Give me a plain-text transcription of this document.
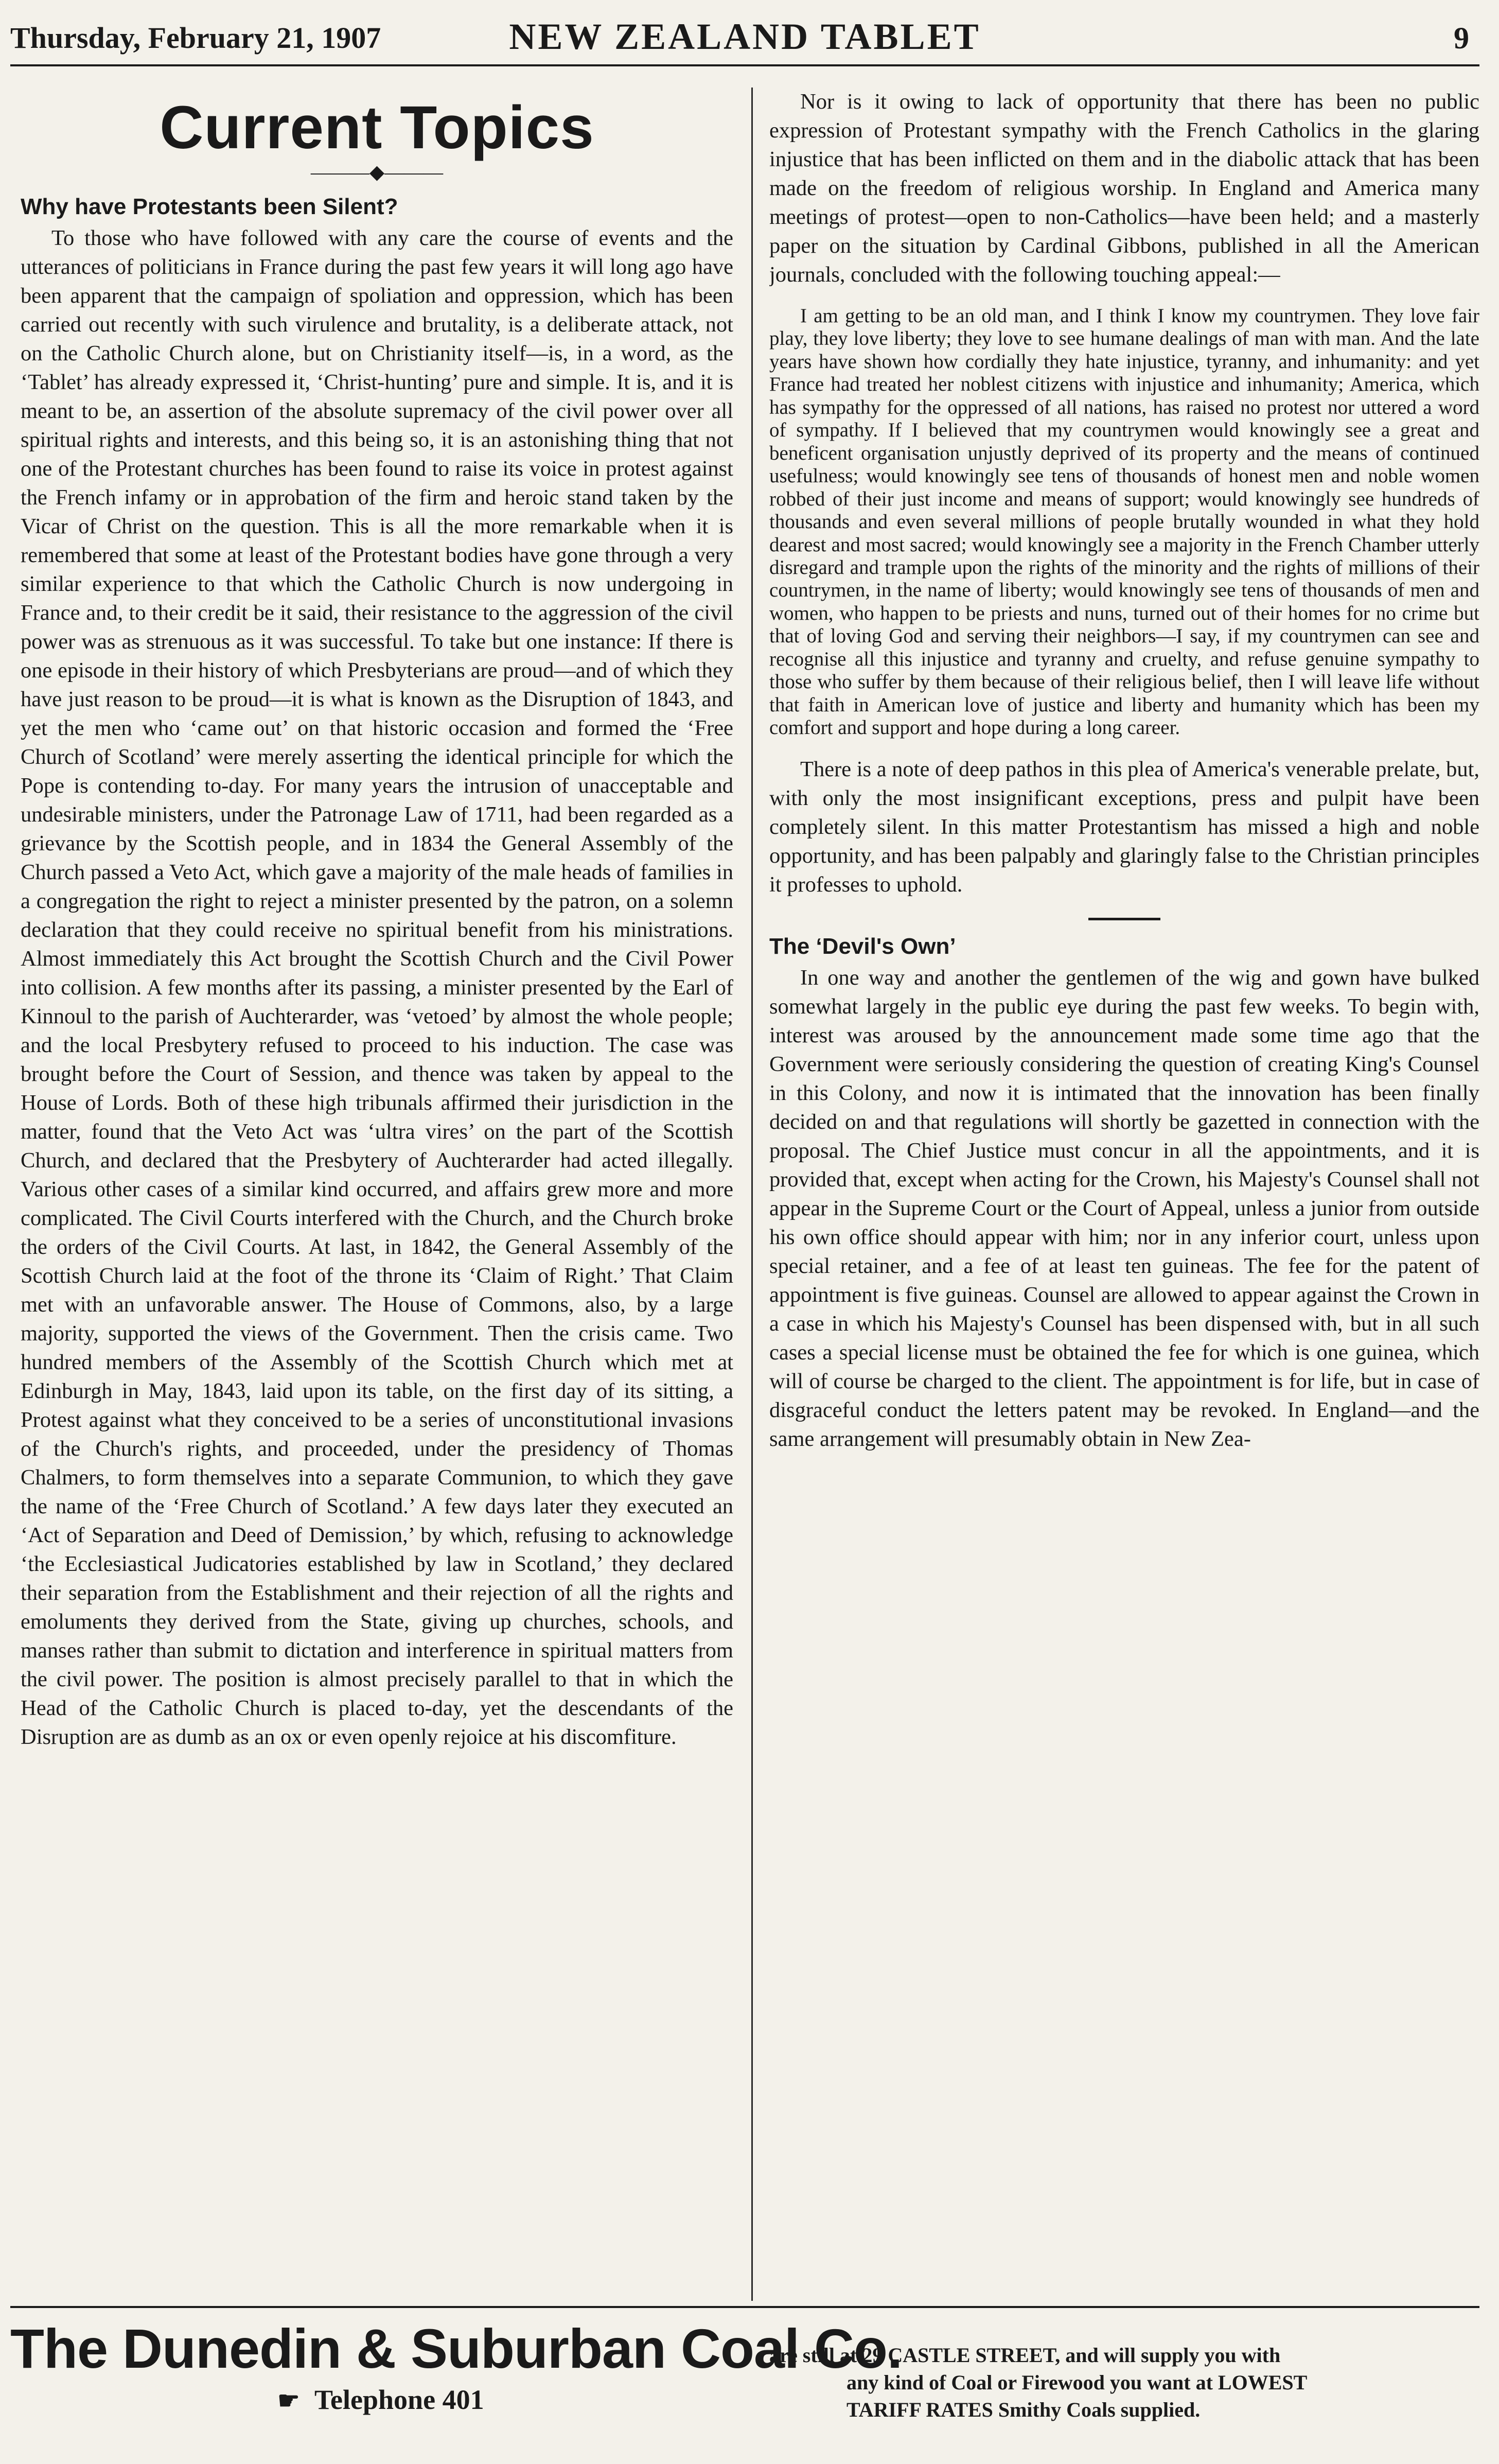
Thursday, February 21, 1907	NEW ZEALAND TABLET	9
Current Topics
———◆———
Why have Protestants been Silent?

To those who have followed with any care the course of events and the utterances of politicians in France during the past few years it will long ago have been apparent that the campaign of spoliation and oppression, which has been carried out recently with such virulence and brutality, is a deliberate attack, not on the Catholic Church alone, but on Christianity itself—is, in a word, as the ‘Tablet’ has already expressed it, ‘Christ-hunting’ pure and simple. It is, and it is meant to be, an assertion of the absolute supremacy of the civil power over all spiritual rights and interests, and this being so, it is an astonishing thing that not one of the Protestant churches has been found to raise its voice in protest against the French infamy or in approbation of the firm and heroic stand taken by the Vicar of Christ on the question. This is all the more remarkable when it is remembered that some at least of the Protestant bodies have gone through a very similar experience to that which the Catholic Church is now undergoing in France and, to their credit be it said, their resistance to the aggression of the civil power was as strenuous as it was successful. To take but one instance: If there is one episode in their history of which Presbyterians are proud—and of which they have just reason to be proud—it is what is known as the Disruption of 1843, and yet the men who ‘came out’ on that historic occasion and formed the ‘Free Church of Scotland’ were merely asserting the identical principle for which the Pope is contending to-day. For many years the intrusion of unacceptable and undesirable ministers, under the Patronage Law of 1711, had been regarded as a grievance by the Scottish people, and in 1834 the General Assembly of the Church passed a Veto Act, which gave a majority of the male heads of families in a congregation the right to reject a minister presented by the patron, on a solemn declaration that they could receive no spiritual benefit from his ministrations. Almost immediately this Act brought the Scottish Church and the Civil Power into collision. A few months after its passing, a minister presented by the Earl of Kinnoul to the parish of Auchterarder, was ‘vetoed’ by almost the whole people; and the local Presbytery refused to proceed to his induction. The case was brought before the Court of Session, and thence was taken by appeal to the House of Lords. Both of these high tribunals affirmed their jurisdiction in the matter, found that the Veto Act was ‘ultra vires’ on the part of the Scottish Church, and declared that the Presbytery of Auchterarder had acted illegally. Various other cases of a similar kind occurred, and affairs grew more and more complicated. The Civil Courts interfered with the Church, and the Church broke the orders of the Civil Courts. At last, in 1842, the General Assembly of the Scottish Church laid at the foot of the throne its ‘Claim of Right.’ That Claim met with an unfavorable answer. The House of Commons, also, by a large majority, supported the views of the Government. Then the crisis came. Two hundred members of the Assembly of the Scottish Church which met at Edinburgh in May, 1843, laid upon its table, on the first day of its sitting, a Protest against what they conceived to be a series of unconstitutional invasions of the Church's rights, and proceeded, under the presidency of Thomas Chalmers, to form themselves into a separate Communion, to which they gave the name of the ‘Free Church of Scotland.’ A few days later they executed an ‘Act of Separation and Deed of Demission,’ by which, refusing to acknowledge ‘the Ecclesiastical Judicatories established by law in Scotland,’ they declared their separation from the Establishment and their rejection of all the rights and emoluments they derived from the State, giving up churches, schools, and manses rather than submit to dictation and interference in spiritual matters from the civil power. The position is almost precisely parallel to that in which the Head of the Catholic Church is placed to-day, yet the descendants of the Disruption are as dumb as an ox or even openly rejoice at his discomfiture.

Nor is it owing to lack of opportunity that there has been no public expression of Protestant sympathy with the French Catholics in the glaring injustice that has been inflicted on them and in the diabolic attack that has been made on the freedom of religious worship. In England and America many meetings of protest—open to non-Catholics—have been held; and a masterly paper on the situation by Cardinal Gibbons, published in all the American journals, concluded with the following touching appeal:—

I am getting to be an old man, and I think I know my countrymen. They love fair play, they love liberty; they love to see humane dealings of man with man. And the late years have shown how cordially they hate injustice, tyranny, and inhumanity: and yet France had treated her noblest citizens with injustice and inhumanity; America, which has sympathy for the oppressed of all nations, has raised no protest nor uttered a word of sympathy. If I believed that my countrymen would knowingly see a great and beneficent organisation unjustly deprived of its property and the means of continued usefulness; would knowingly see tens of thousands of honest men and noble women robbed of their just income and means of support; would knowingly see hundreds of thousands and even several millions of people brutally wounded in what they hold dearest and most sacred; would knowingly see a majority in the French Chamber utterly disregard and trample upon the rights of the minority and the rights of millions of their countrymen, in the name of liberty; would knowingly see tens of thousands of men and women, who happen to be priests and nuns, turned out of their homes for no crime but that of loving God and serving their neighbors—I say, if my countrymen can see and recognise all this injustice and tyranny and cruelty, and refuse genuine sympathy to those who suffer by them because of their religious belief, then I will leave life without that faith in American love of justice and liberty and humanity which has been my comfort and support and hope during a long career.

There is a note of deep pathos in this plea of America's venerable prelate, but, with only the most insignificant exceptions, press and pulpit have been completely silent. In this matter Protestantism has missed a high and noble opportunity, and has been palpably and glaringly false to the Christian principles it professes to uphold.

The ‘Devil's Own’

In one way and another the gentlemen of the wig and gown have bulked somewhat largely in the public eye during the past few weeks. To begin with, interest was aroused by the announcement made some time ago that the Government were seriously considering the question of creating King's Counsel in this Colony, and now it is intimated that the innovation has been finally decided on and that regulations will shortly be gazetted in connection with the proposal. The Chief Justice must concur in all the appointments, and it is provided that, except when acting for the Crown, his Majesty's Counsel shall not appear in the Supreme Court or the Court of Appeal, unless a junior from outside his own office should appear with him; nor in any inferior court, unless upon special retainer, and a fee of at least ten guineas. The fee for the patent of appointment is five guineas. Counsel are allowed to appear against the Crown in a case in which his Majesty's Counsel has been dispensed with, but in all such cases a special license must be obtained the fee for which is one guinea, which will of course be charged to the client. The appointment is for life, but in case of disgraceful conduct the letters patent may be revoked. In England—and the same arrangement will presumably obtain in New Zea-

The Dunedin & Suburban Coal Co.
☛ Telephone 401
are still at 29 CASTLE STREET, and will supply you with
any kind of Coal or Firewood you want at LOWEST
TARIFF RATES Smithy Coals supplied.
